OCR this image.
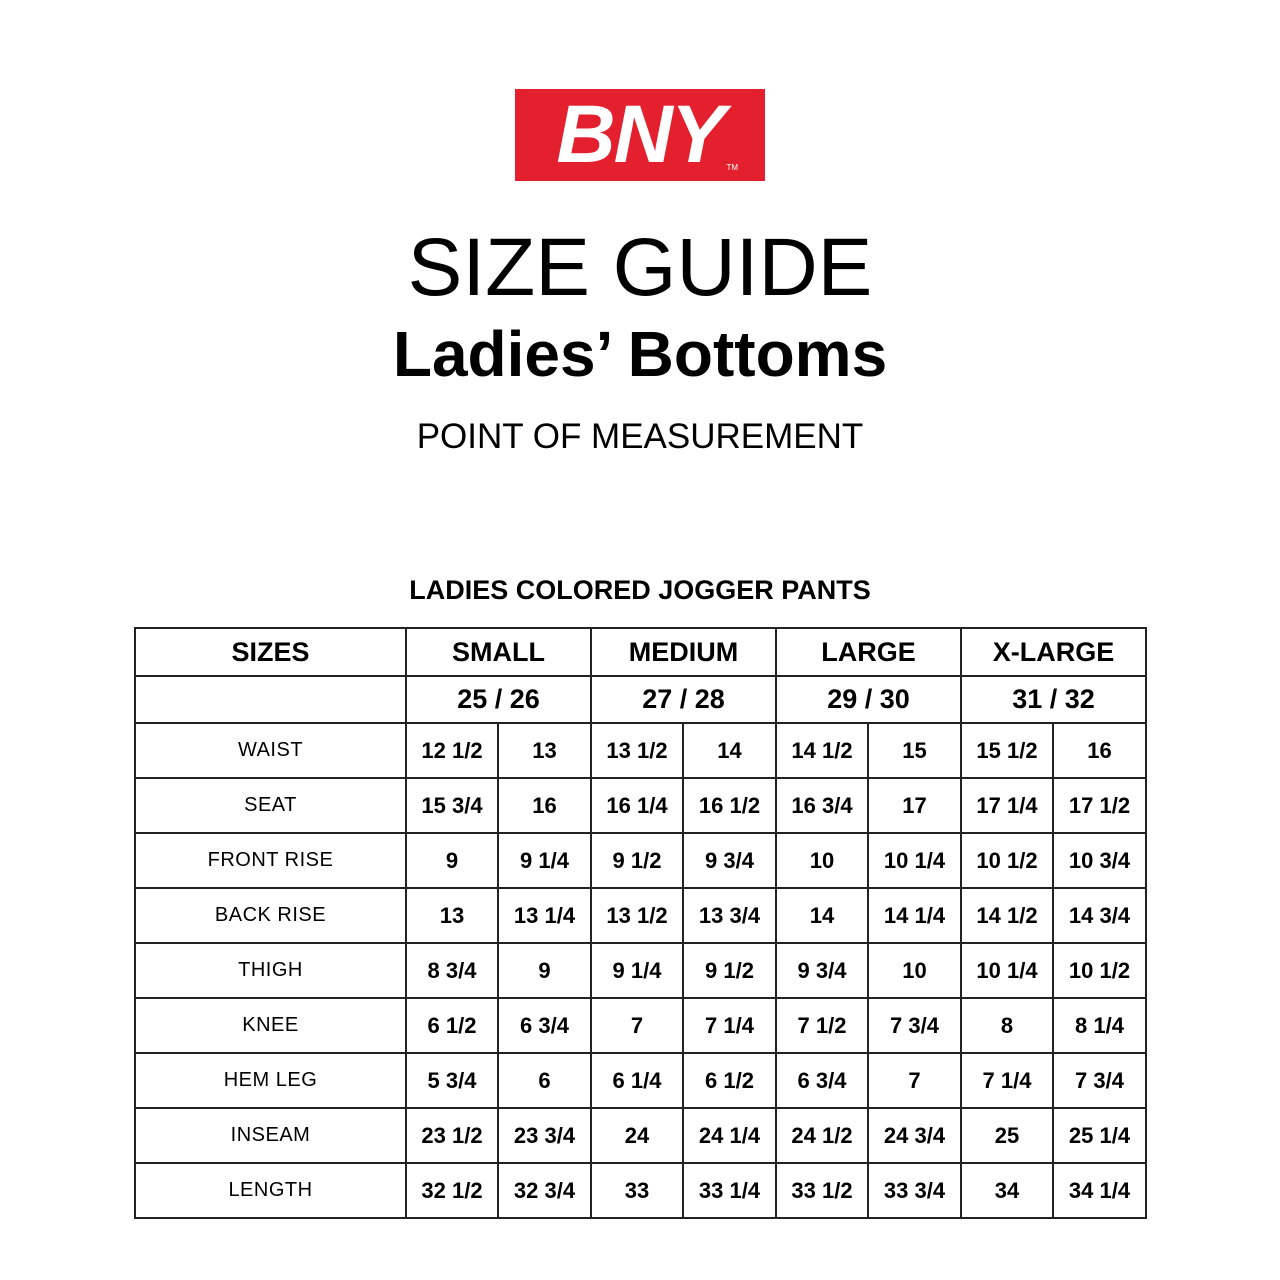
BNY TM
SIZE GUIDE
Ladies’ Bottoms
POINT OF MEASUREMENT
LADIES COLORED JOGGER PANTS
SIZES	SMALL		MEDIUM		LARGE		X-LARGE	
	25 / 26		27 / 28		29 / 30		31 / 32	
WAIST	12 1/2	13	13 1/2	14	14 1/2	15	15 1/2	16
SEAT	15 3/4	16	16 1/4	16 1/2	16 3/4	17	17 1/4	17 1/2
FRONT RISE	9	9 1/4	9 1/2	9 3/4	10	10 1/4	10 1/2	10 3/4
BACK RISE	13	13 1/4	13 1/2	13 3/4	14	14 1/4	14 1/2	14 3/4
THIGH	8 3/4	9	9 1/4	9 1/2	9 3/4	10	10 1/4	10 1/2
KNEE	6 1/2	6 3/4	7	7 1/4	7 1/2	7 3/4	8	8 1/4
HEM LEG	5 3/4	6	6 1/4	6 1/2	6 3/4	7	7 1/4	7 3/4
INSEAM	23 1/2	23 3/4	24	24 1/4	24 1/2	24 3/4	25	25 1/4
LENGTH	32 1/2	32 3/4	33	33 1/4	33 1/2	33 3/4	34	34 1/4
